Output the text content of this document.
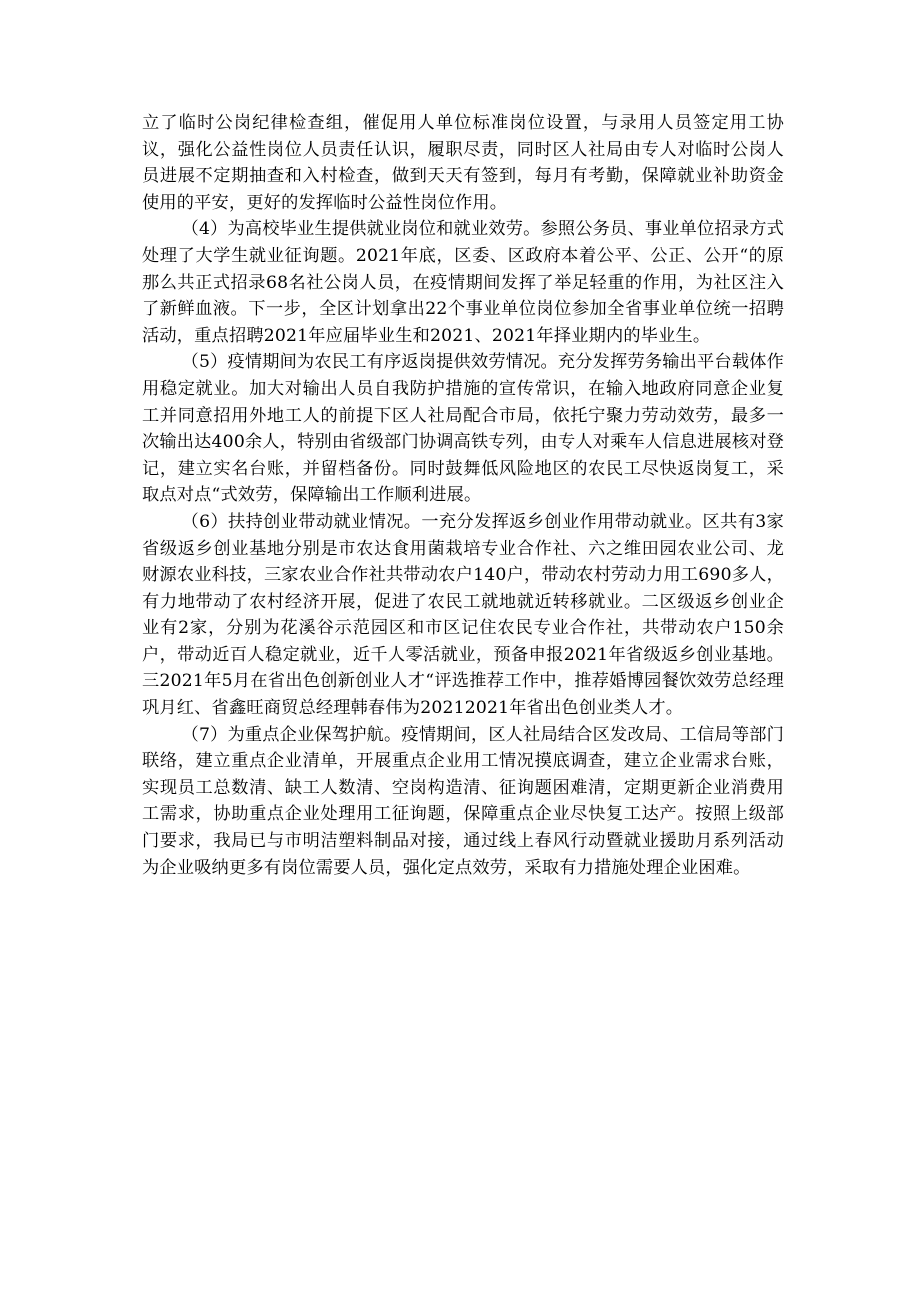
立了临时公岗纪律检查组，催促用人单位标准岗位设置，与录用人员签定用工协议，强化公益性岗位人员责任认识，履职尽责，同时区人社局由专人对临时公岗人员进展不定期抽查和入村检查，做到天天有签到，每月有考勤，保障就业补助资金使用的平安，更好的发挥临时公益性岗位作用。

（4）为高校毕业生提供就业岗位和就业效劳。参照公务员、事业单位招录方式处理了大学生就业征询题。2021年底，区委、区政府本着公平、公正、公开“的原那么共正式招录68名社公岗人员，在疫情期间发挥了举足轻重的作用，为社区注入了新鲜血液。下一步，全区计划拿出22个事业单位岗位参加全省事业单位统一招聘活动，重点招聘2021年应届毕业生和2021、2021年择业期内的毕业生。

（5）疫情期间为农民工有序返岗提供效劳情况。充分发挥劳务输出平台载体作用稳定就业。加大对输出人员自我防护措施的宣传常识，在输入地政府同意企业复工并同意招用外地工人的前提下区人社局配合市局，依托宁聚力劳动效劳，最多一次输出达400余人，特别由省级部门协调高铁专列，由专人对乘车人信息进展核对登记，建立实名台账，并留档备份。同时鼓舞低风险地区的农民工尽快返岗复工，采取点对点“式效劳，保障输出工作顺利进展。

（6）扶持创业带动就业情况。一充分发挥返乡创业作用带动就业。区共有3家省级返乡创业基地分别是市农达食用菌栽培专业合作社、六之维田园农业公司、龙财源农业科技，三家农业合作社共带动农户140户，带动农村劳动力用工690多人，有力地带动了农村经济开展，促进了农民工就地就近转移就业。二区级返乡创业企业有2家，分别为花溪谷示范园区和市区记住农民专业合作社，共带动农户150余户，带动近百人稳定就业，近千人零活就业，预备申报2021年省级返乡创业基地。三2021年5月在省出色创新创业人才“评选推荐工作中，推荐婚博园餐饮效劳总经理巩月红、省鑫旺商贸总经理韩春伟为20212021年省出色创业类人才。

（7）为重点企业保驾护航。疫情期间，区人社局结合区发改局、工信局等部门联络，建立重点企业清单，开展重点企业用工情况摸底调查，建立企业需求台账，实现员工总数清、缺工人数清、空岗构造清、征询题困难清，定期更新企业消费用工需求，协助重点企业处理用工征询题，保障重点企业尽快复工达产。按照上级部门要求，我局已与市明洁塑料制品对接，通过线上春风行动暨就业援助月系列活动为企业吸纳更多有岗位需要人员，强化定点效劳，采取有力措施处理企业困难。
